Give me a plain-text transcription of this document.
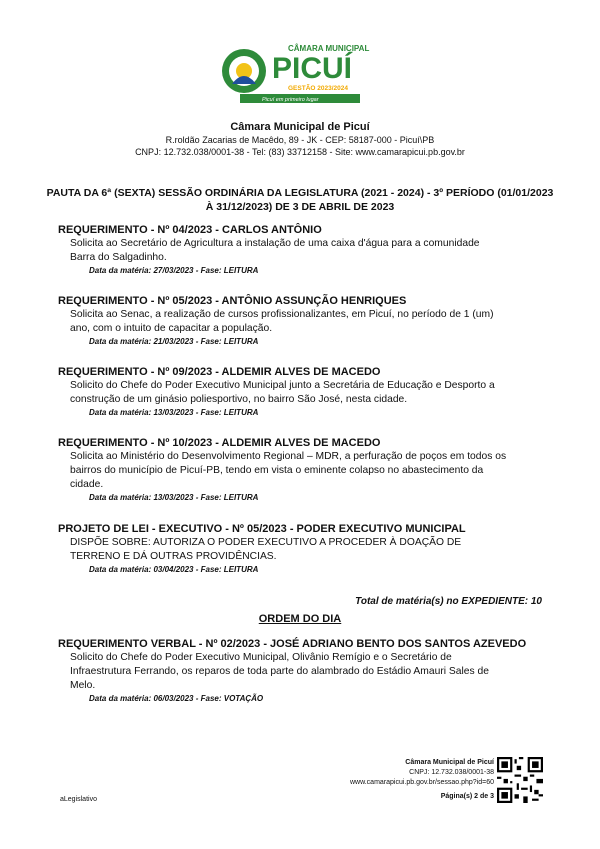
CÂMARA MUNICIPAL
PICUÍ
GESTÃO 2023/2024
Picuí em primeiro lugar
Câmara Municipal de Picuí
R.roldão Zacarias de Macêdo, 89 - JK - CEP: 58187-000 - Picuí\PB
CNPJ: 12.732.038/0001-38 - Tel: (83) 33712158 - Site: www.camarapicui.pb.gov.br
PAUTA DA 6ª (SEXTA) SESSÃO ORDINÁRIA DA LEGISLATURA (2021 - 2024) - 3º PERÍODO (01/01/2023
À 31/12/2023) DE 3 DE ABRIL DE 2023
REQUERIMENTO - Nº 04/2023 - CARLOS ANTÔNIO
Solicita ao Secretário de Agricultura a instalação de uma caixa d'água para a comunidade
Barra do Salgadinho.
Data da matéria: 27/03/2023 - Fase: LEITURA
REQUERIMENTO - Nº 05/2023 - ANTÔNIO ASSUNÇÃO HENRIQUES
Solicita ao Senac, a realização de cursos profissionalizantes, em Picuí, no período de 1 (um)
ano, com o intuito de capacitar a população.
Data da matéria: 21/03/2023 - Fase: LEITURA
REQUERIMENTO - Nº 09/2023 - ALDEMIR ALVES DE MACEDO
Solicito do Chefe do Poder Executivo Municipal junto a Secretária de Educação e Desporto a
construção de um ginásio poliesportivo, no bairro São José, nesta cidade.
Data da matéria: 13/03/2023 - Fase: LEITURA
REQUERIMENTO - Nº 10/2023 - ALDEMIR ALVES DE MACEDO
Solicita ao Ministério do Desenvolvimento Regional – MDR, a perfuração de poços em todos os
bairros do município de Picuí-PB, tendo em vista o eminente colapso no abastecimento da
cidade.
Data da matéria: 13/03/2023 - Fase: LEITURA
PROJETO DE LEI - EXECUTIVO - Nº 05/2023 - PODER EXECUTIVO MUNICIPAL
DISPÕE SOBRE: AUTORIZA O PODER EXECUTIVO A PROCEDER À DOAÇÃO DE
TERRENO E DÁ OUTRAS PROVIDÊNCIAS.
Data da matéria: 03/04/2023 - Fase: LEITURA
Total de matéria(s) no EXPEDIENTE: 10
ORDEM DO DIA
REQUERIMENTO VERBAL - Nº 02/2023 - JOSÉ ADRIANO BENTO DOS SANTOS AZEVEDO
Solicito do Chefe do Poder Executivo Municipal, Olivânio Remígio e o Secretário de
Infraestrutura Ferrando, os reparos de toda parte do alambrado do Estádio Amauri Sales de
Melo.
Data da matéria: 06/03/2023 - Fase: VOTAÇÃO
Câmara Municipal de Picuí
CNPJ: 12.732.038/0001-38
www.camarapicui.pb.gov.br/sessao.php?id=60
Página(s) 2 de 3
aLegislativo
